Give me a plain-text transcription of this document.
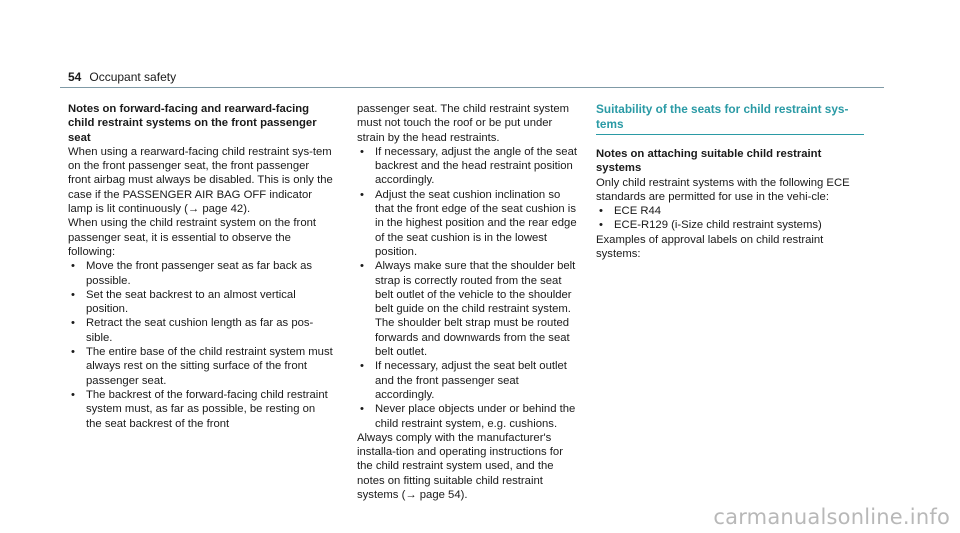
54 Occupant safety

Notes on forward-facing and rearward-facing child restraint systems on the front passenger seat

When using a rearward-facing child restraint sys-tem on the front passenger seat, the front passenger front airbag must always be disabled. This is only the case if the PASSENGER AIR BAG OFF indicator lamp is lit continuously (→ page 42).

When using the child restraint system on the front passenger seat, it is essential to observe the following:

• Move the front passenger seat as far back as possible.
• Set the seat backrest to an almost vertical position.
• Retract the seat cushion length as far as pos-sible.
• The entire base of the child restraint system must always rest on the sitting surface of the front passenger seat.
• The backrest of the forward-facing child restraint system must, as far as possible, be resting on the seat backrest of the front

passenger seat. The child restraint system must not touch the roof or be put under strain by the head restraints.

• If necessary, adjust the angle of the seat backrest and the head restraint position accordingly.
• Adjust the seat cushion inclination so that the front edge of the seat cushion is in the highest position and the rear edge of the seat cushion is in the lowest position.
• Always make sure that the shoulder belt strap is correctly routed from the seat belt outlet of the vehicle to the shoulder belt guide on the child restraint system. The shoulder belt strap must be routed forwards and downwards from the seat belt outlet.
• If necessary, adjust the seat belt outlet and the front passenger seat accordingly.
• Never place objects under or behind the child restraint system, e.g. cushions.

Always comply with the manufacturer's installa-tion and operating instructions for the child restraint system used, and the notes on fitting suitable child restraint systems (→ page 54).

Suitability of the seats for child restraint sys-tems

Notes on attaching suitable child restraint systems

Only child restraint systems with the following ECE standards are permitted for use in the vehi-cle:

• ECE R44
• ECE-R129 (i-Size child restraint systems)

Examples of approval labels on child restraint systems:

carmanualsonline.info
